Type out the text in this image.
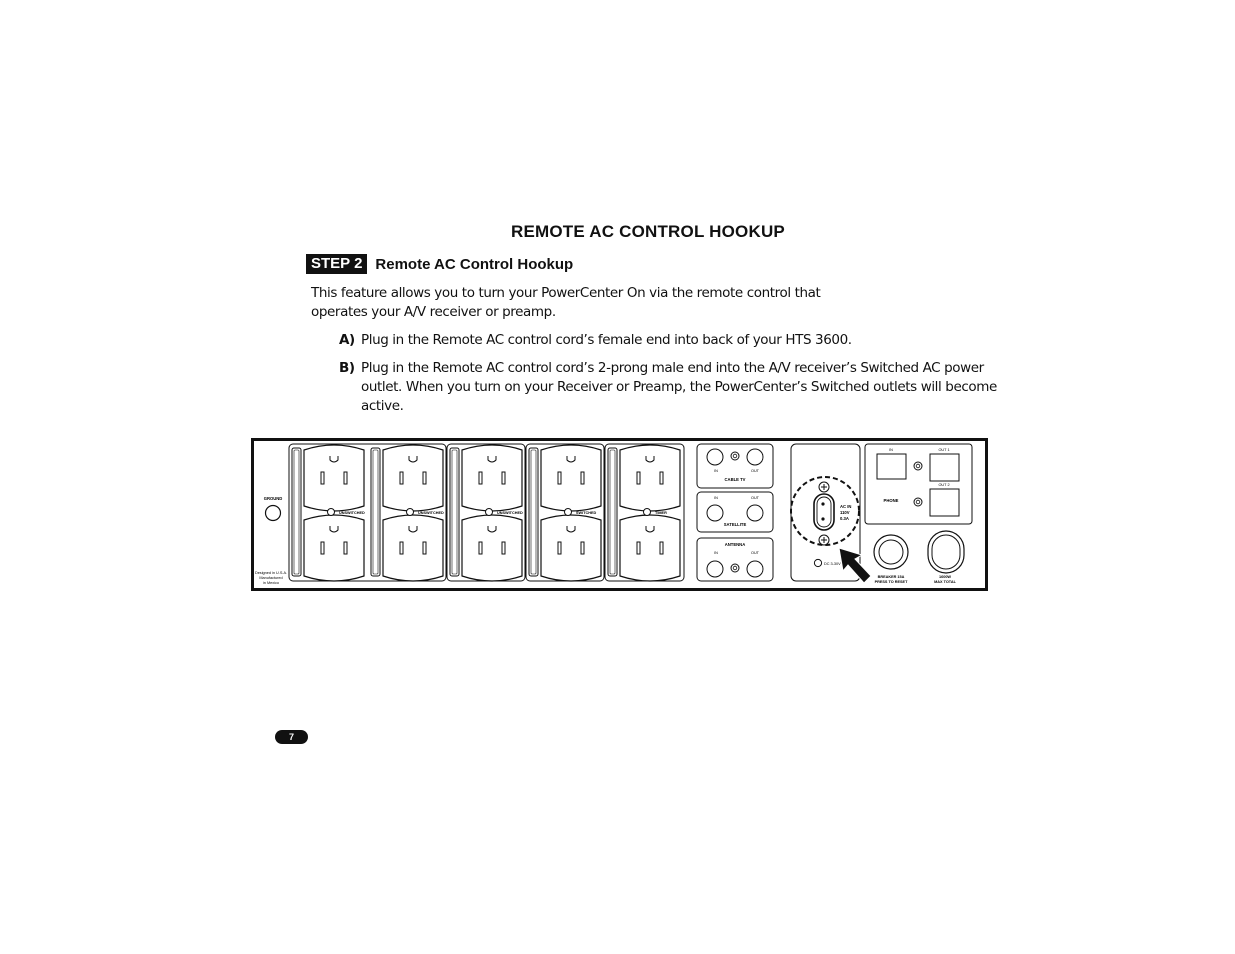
REMOTE AC CONTROL HOOKUP
STEP 2 Remote AC Control Hookup
This feature allows you to turn your PowerCenter On via the remote control that operates your A/V receiver or preamp.
A) Plug in the Remote AC control cord’s female end into back of your HTS 3600.
B) Plug in the Remote AC control cord’s 2-prong male end into the A/V receiver’s Switched AC power outlet. When you turn on your Receiver or Preamp, the PowerCenter’s Switched outlets will become active.
GROUND
Designed in U.S.A.
Manufactured
in Mexico
UNSWITCHED	UNSWITCHED	UNSWITCHED	SWITCHED	TIMER
IN	OUT
CABLE TV
IN	OUT
SATELLITE
ANTENNA
IN	OUT
AC IN
110V
0.3A
DC 3-30V
IN	OUT 1
OUT 2
PHONE
BREAKER 15A
PRESS TO RESET
1600W
MAX TOTAL
7
